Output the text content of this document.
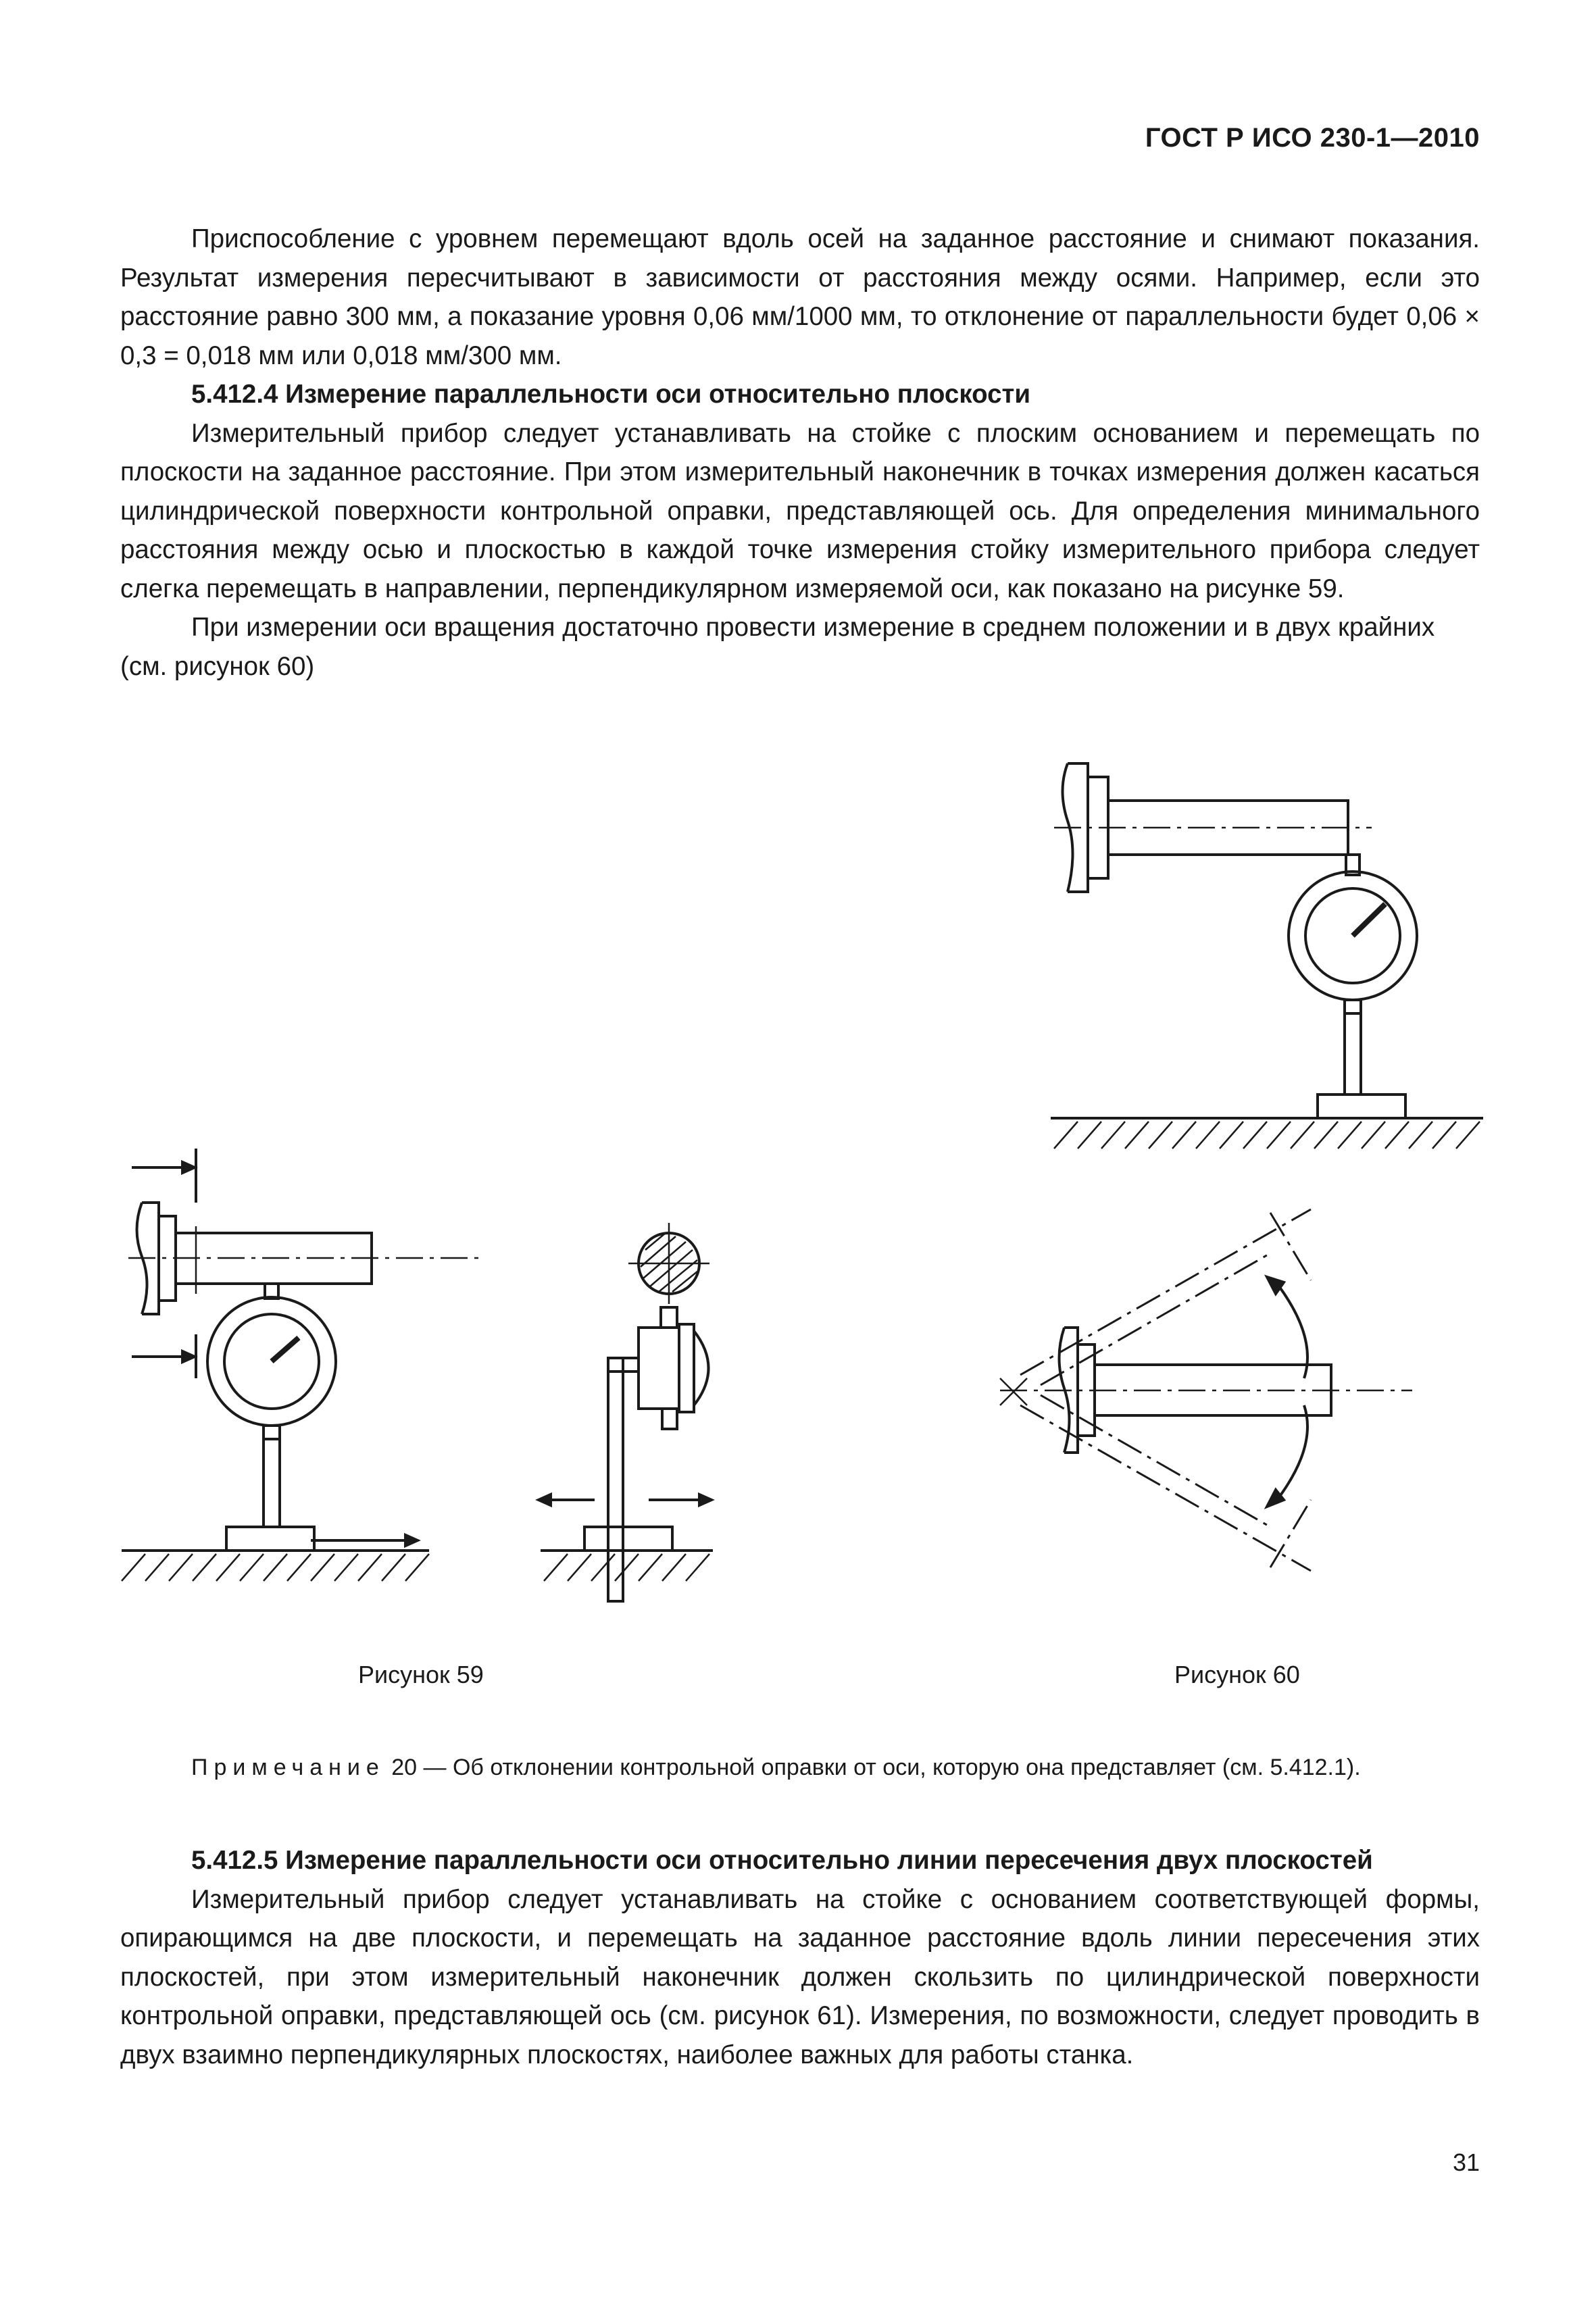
ГОСТ Р ИСО 230-1—2010

Приспособление с уровнем перемещают вдоль осей на заданное расстояние и снимают показания. Результат измерения пересчитывают в зависимости от расстояния между осями. Например, если это расстояние равно 300 мм, а показание уровня 0,06 мм/1000 мм, то отклонение от параллельности будет 0,06 × 0,3 = 0,018 мм или 0,018 мм/300 мм.

5.412.4 Измерение параллельности оси относительно плоскости

Измерительный прибор следует устанавливать на стойке с плоским основанием и перемещать по плоскости на заданное расстояние. При этом измерительный наконечник в точках измерения должен касаться цилиндрической поверхности контрольной оправки, представляющей ось. Для определения минимального расстояния между осью и плоскостью в каждой точке измерения стойку измерительного прибора следует слегка перемещать в направлении, перпендикулярном измеряемой оси, как показано на рисунке 59.

При измерении оси вращения достаточно провести измерение в среднем положении и в двух крайних (см. рисунок 60)

Рисунок 59	Рисунок 60

Примечание 20 — Об отклонении контрольной оправки от оси, которую она представляет (см. 5.412.1).

5.412.5 Измерение параллельности оси относительно линии пересечения двух плоскостей

Измерительный прибор следует устанавливать на стойке с основанием соответствующей формы, опирающимся на две плоскости, и перемещать на заданное расстояние вдоль линии пересечения этих плоскостей, при этом измерительный наконечник должен скользить по цилиндрической поверхности контрольной оправки, представляющей ось (см. рисунок 61). Измерения, по возможности, следует проводить в двух взаимно перпендикулярных плоскостях, наиболее важных для работы станка.

31
